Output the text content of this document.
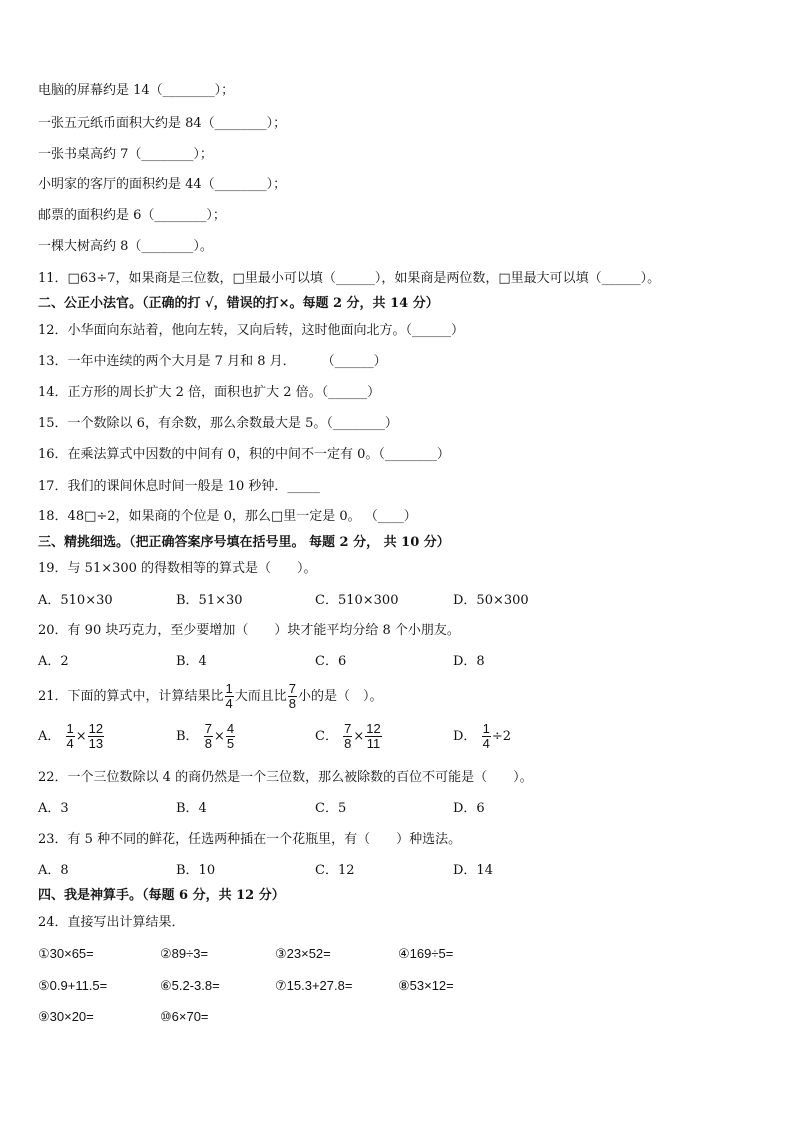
电脑的屏幕约是 14（________）；
一张五元纸币面积大约是 84（________）；
一张书桌高约 7（________）；
小明家的客厅的面积约是 44（________）；
邮票的面积约是 6（________）；
一棵大树高约 8（________）。
11．□63÷7，如果商是三位数，□里最小可以填（______），如果商是两位数，□里最大可以填（______）。
二、公正小法官。（正确的打 √，错误的打×。每题 2 分，共 14 分）
12．小华面向东站着，他向左转，又向后转，这时他面向北方。（______）
13．一年中连续的两个大月是 7 月和 8 月．　　　（______）
14．正方形的周长扩大 2 倍，面积也扩大 2 倍。（______）
15．一个数除以 6，有余数，那么余数最大是 5。（________）
16．在乘法算式中因数的中间有 0，积的中间不一定有 0。（________）
17．我们的课间休息时间一般是 10 秒钟．_____
18．48□÷2，如果商的个位是 0，那么□里一定是 0。 （____）
三、精挑细选。（把正确答案序号填在括号里。 每题 2 分， 共 10 分）
19．与 51×300 的得数相等的算式是（　　）。
A．510×30	B．51×30	C．510×300	D．50×300
20．有 90 块巧克力，至少要增加（　　）块才能平均分给 8 个小朋友。
A．2	B．4	C．6	D．8
21．下面的算式中，计算结果比 $\frac{1}{4}$ 大而且比 $\frac{7}{8}$ 小的是（　）。
A． $\frac{1}{4} \times \frac{12}{13}$	B． $\frac{7}{8} \times \frac{4}{5}$	C． $\frac{7}{8} \times \frac{12}{11}$	D． $\frac{1}{4} \div 2$
22．一个三位数除以 4 的商仍然是一个三位数，那么被除数的百位不可能是（　　）。
A．3	B．4	C．5	D．6
23．有 5 种不同的鲜花，任选两种插在一个花瓶里，有（　　）种选法。
A．8	B．10	C．12	D．14
四、我是神算手。（每题 6 分，共 12 分）
24．直接写出计算结果．
①30×65=	②89÷3=	③23×52=	④169÷5=
⑤0.9+11.5=	⑥5.2-3.8=	⑦15.3+27.8=	⑧53×12=
⑨30×20=	⑩6×70=
